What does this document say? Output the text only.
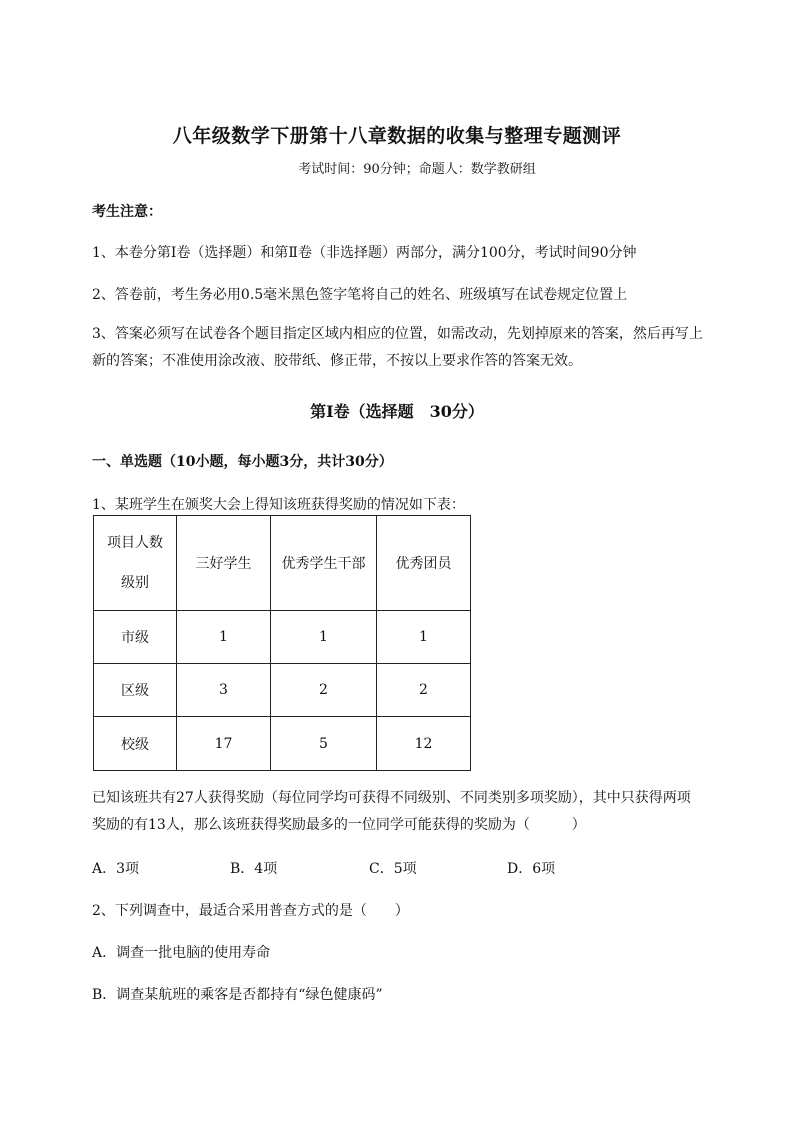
八年级数学下册第十八章数据的收集与整理专题测评
考试时间：90分钟；命题人：数学教研组
考生注意：
1、本卷分第I卷（选择题）和第Ⅱ卷（非选择题）两部分，满分100分，考试时间90分钟
2、答卷前，考生务必用0.5毫米黑色签字笔将自己的姓名、班级填写在试卷规定位置上
3、答案必须写在试卷各个题目指定区域内相应的位置，如需改动，先划掉原来的答案，然后再写上新的答案；不准使用涂改液、胶带纸、修正带，不按以上要求作答的答案无效。
第I卷（选择题　30分）
一、单选题（10小题，每小题3分，共计30分）
1、某班学生在颁奖大会上得知该班获得奖励的情况如下表：
项目人数
级别	三好学生	优秀学生干部	优秀团员
市级	1	1	1
区级	3	2	2
校级	17	5	12
已知该班共有27人获得奖励（每位同学均可获得不同级别、不同类别多项奖励），其中只获得两项奖励的有13人，那么该班获得奖励最多的一位同学可能获得的奖励为（　　　）
A．3项	B．4项	C．5项	D．6项
2、下列调查中，最适合采用普查方式的是（　　）
A．调查一批电脑的使用寿命
B．调查某航班的乘客是否都持有“绿色健康码”
